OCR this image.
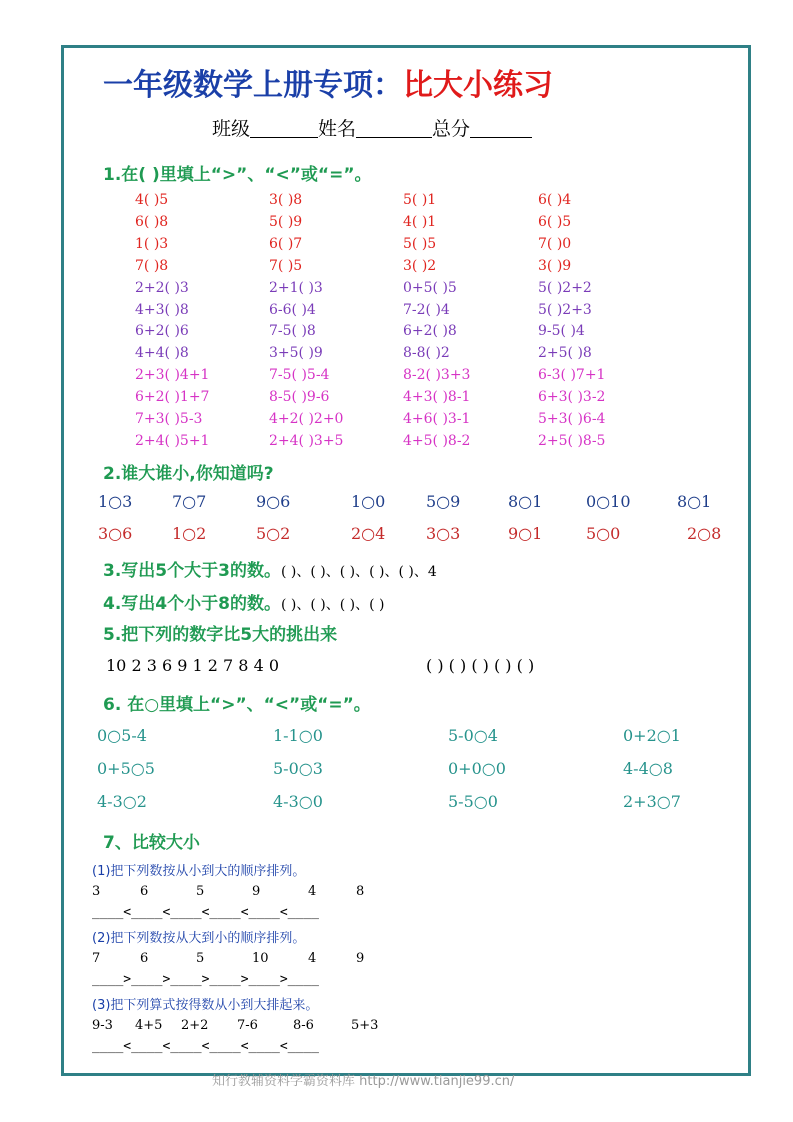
一年级数学上册专项：比大小练习
班级	姓名	总分
1.在( )里填上“>”、“<”或“=”。
4( )5	3( )8	5( )1	6( )4
6( )8	5( )9	4( )1	6( )5
1( )3	6( )7	5( )5	7( )0
7( )8	7( )5	3( )2	3( )9
2+2( )3	2+1( )3	0+5( )5	5( )2+2
4+3( )8	6-6( )4	7-2( )4	5( )2+3
6+2( )6	7-5( )8	6+2( )8	9-5( )4
4+4( )8	3+5( )9	8-8( )2	2+5( )8
2+3( )4+1	7-5( )5-4	8-2( )3+3	6-3( )7+1
6+2( )1+7	8-5( )9-6	4+3( )8-1	6+3( )3-2
7+3( )5-3	4+2( )2+0	4+6( )3-1	5+3( )6-4
2+4( )5+1	2+4( )3+5	4+5( )8-2	2+5( )8-5
2.谁大谁小,你知道吗?
1○3 7○7	9○6	1○0	5○9	8○1	0○10	8○1
3○6 1○2	5○2	2○4	3○3	9○1	5○0	2○8
3.写出5个大于3的数。( )、( )、( )、( )、( )、4
4.写出4个小于8的数。( )、( )、( )、( )
5.把下列的数字比5大的挑出来
10 2 3 6 9 1 2 7 8 4 0	( ) ( ) ( ) ( ) ( )
6. 在○里填上“>”、“<”或“=”。
0○5-4	1-1○0	5-0○4	0+2○1
0+5○5	5-0○3	0+0○0	4-4○8
4-3○2	4-3○0	5-5○0	2+3○7
7、比较大小
(1)把下列数按从小到大的顺序排列。
3	6	5	9	4	8
____<____<____<____<____<____
(2)把下列数按从大到小的顺序排列。
7	6	5	10	4	9
____>____>____>____>____>____
(3)把下列算式按得数从小到大排起来。
9-3 4+5 2+2 7-6	8-6	5+3
____<____<____<____<____<____
知行教辅资料学霸资料库 http://www.tianjie99.cn/
